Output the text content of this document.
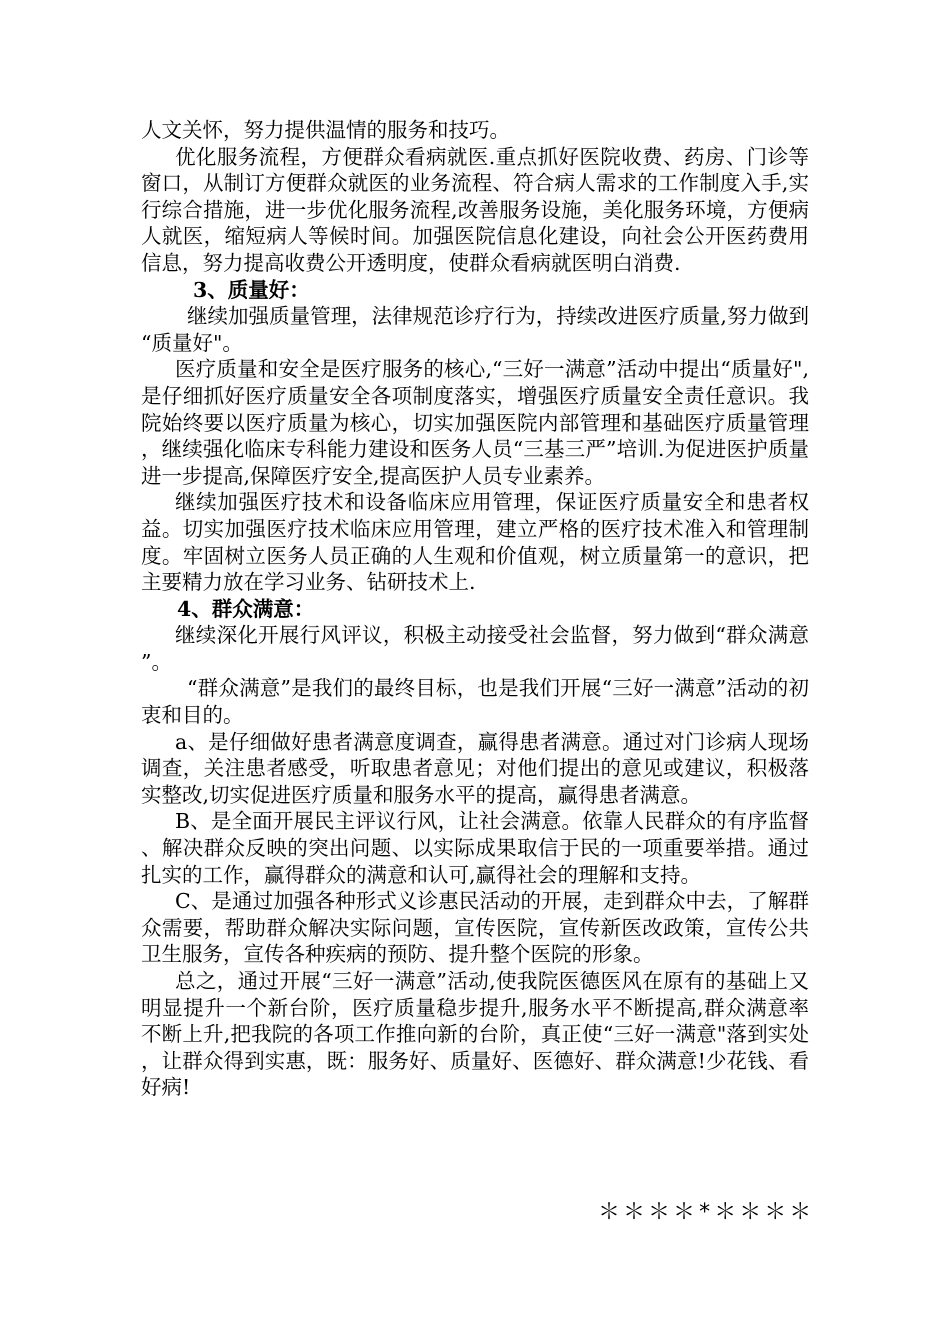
人文关怀，努力提供温情的服务和技巧。

优化服务流程，方便群众看病就医.重点抓好医院收费、药房、门诊等窗口，从制订方便群众就医的业务流程、符合病人需求的工作制度入手,实行综合措施，进一步优化服务流程,改善服务设施，美化服务环境，方便病人就医，缩短病人等候时间。加强医院信息化建设，向社会公开医药费用信息，努力提高收费公开透明度，使群众看病就医明白消费.

3、质量好：

继续加强质量管理，法律规范诊疗行为，持续改进医疗质量,努力做到“质量好"。

医疗质量和安全是医疗服务的核心,“三好一满意”活动中提出“质量好",是仔细抓好医疗质量安全各项制度落实，增强医疗质量安全责任意识。我院始终要以医疗质量为核心，切实加强医院内部管理和基础医疗质量管理，继续强化临床专科能力建设和医务人员“三基三严”培训.为促进医护质量进一步提高,保障医疗安全,提高医护人员专业素养。

继续加强医疗技术和设备临床应用管理，保证医疗质量安全和患者权益。切实加强医疗技术临床应用管理，建立严格的医疗技术准入和管理制度。牢固树立医务人员正确的人生观和价值观，树立质量第一的意识，把主要精力放在学习业务、钻研技术上.

4、群众满意：

继续深化开展行风评议，积极主动接受社会监督，努力做到“群众满意”。

“群众满意”是我们的最终目标，也是我们开展“三好一满意”活动的初衷和目的。

a、是仔细做好患者满意度调查，赢得患者满意。通过对门诊病人现场调查，关注患者感受，听取患者意见；对他们提出的意见或建议，积极落实整改,切实促进医疗质量和服务水平的提高，赢得患者满意。

B、是全面开展民主评议行风，让社会满意。依靠人民群众的有序监督、解决群众反映的突出问题、以实际成果取信于民的一项重要举措。通过扎实的工作，赢得群众的满意和认可,赢得社会的理解和支持。

C、是通过加强各种形式义诊惠民活动的开展，走到群众中去，了解群众需要，帮助群众解决实际问题，宣传医院，宣传新医改政策，宣传公共卫生服务，宣传各种疾病的预防、提升整个医院的形象。

总之，通过开展“三好一满意”活动,使我院医德医风在原有的基础上又明显提升一个新台阶，医疗质量稳步提升,服务水平不断提高,群众满意率不断上升,把我院的各项工作推向新的台阶，真正使“三好一满意"落到实处，让群众得到实惠，既：服务好、质量好、医德好、群众满意!少花钱、看好病!

＊＊＊＊*＊＊＊＊
